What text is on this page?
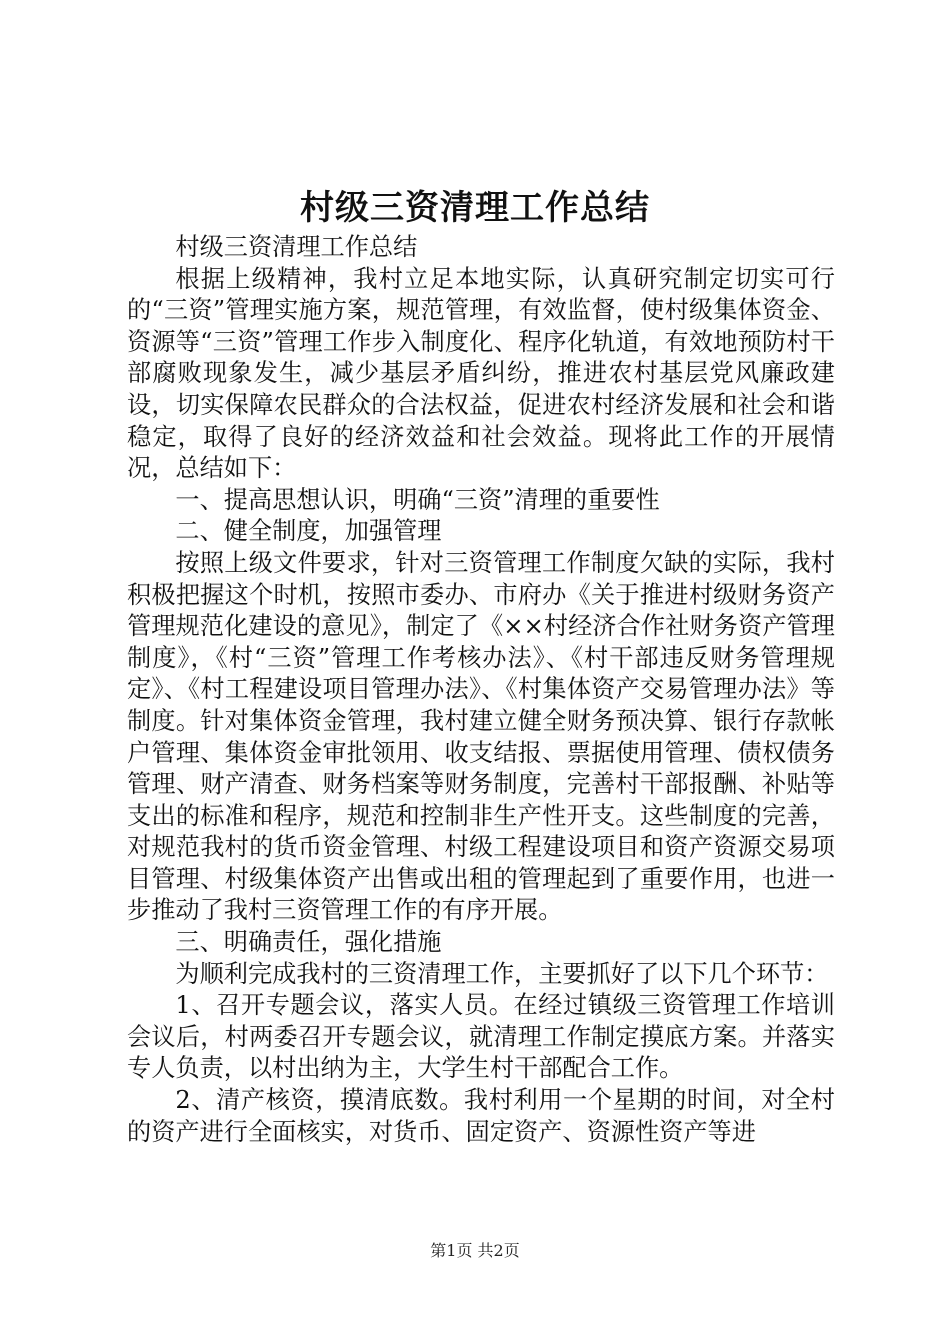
村级三资清理工作总结

村级三资清理工作总结

根据上级精神，我村立足本地实际，认真研究制定切实可行的“三资”管理实施方案，规范管理，有效监督，使村级集体资金、资源等“三资”管理工作步入制度化、程序化轨道，有效地预防村干部腐败现象发生，减少基层矛盾纠纷，推进农村基层党风廉政建设，切实保障农民群众的合法权益，促进农村经济发展和社会和谐稳定，取得了良好的经济效益和社会效益。现将此工作的开展情况，总结如下：

一、提高思想认识，明确“三资”清理的重要性

二、健全制度，加强管理

按照上级文件要求，针对三资管理工作制度欠缺的实际，我村积极把握这个时机，按照市委办、市府办《关于推进村级财务资产管理规范化建设的意见》，制定了《××村经济合作社财务资产管理制度》，《村“三资”管理工作考核办法》、《村干部违反财务管理规定》、《村工程建设项目管理办法》、《村集体资产交易管理办法》等制度。针对集体资金管理，我村建立健全财务预决算、银行存款帐户管理、集体资金审批领用、收支结报、票据使用管理、债权债务管理、财产清查、财务档案等财务制度，完善村干部报酬、补贴等支出的标准和程序，规范和控制非生产性开支。这些制度的完善，对规范我村的货币资金管理、村级工程建设项目和资产资源交易项目管理、村级集体资产出售或出租的管理起到了重要作用，也进一步推动了我村三资管理工作的有序开展。

三、明确责任，强化措施

为顺利完成我村的三资清理工作，主要抓好了以下几个环节：

1、召开专题会议，落实人员。在经过镇级三资管理工作培训会议后，村两委召开专题会议，就清理工作制定摸底方案。并落实专人负责，以村出纳为主，大学生村干部配合工作。

2、清产核资，摸清底数。我村利用一个星期的时间，对全村的资产进行全面核实，对货币、固定资产、资源性资产等进

第1页 共2页
